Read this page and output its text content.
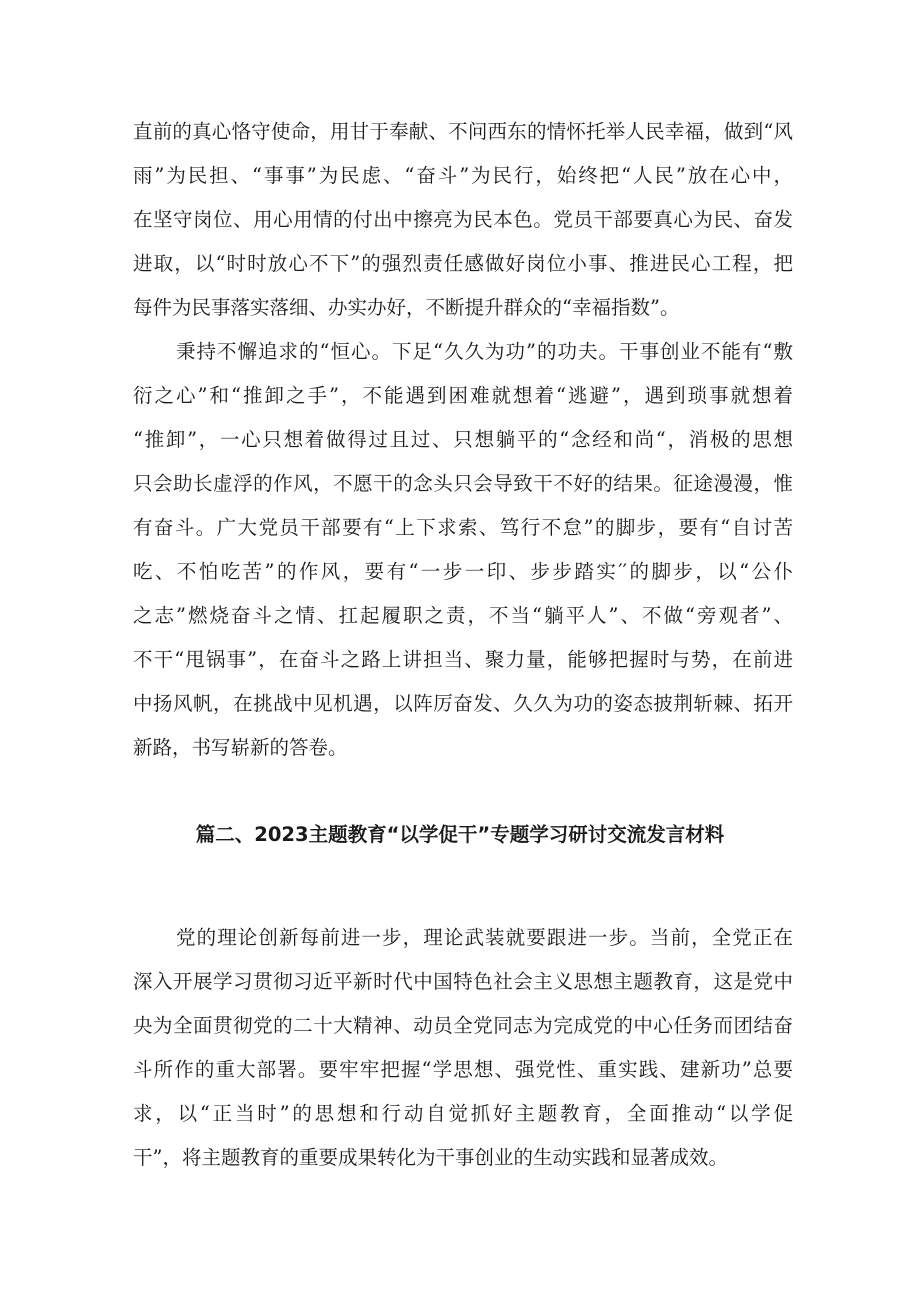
直前的真心恪守使命，用甘于奉献、不问西东的情怀托举人民幸福，做到“风
雨”为民担、“事事”为民虑、“奋斗”为民行，始终把“人民”放在心中，
在坚守岗位、用心用情的付出中擦亮为民本色。党员干部要真心为民、奋发
进取，以“时时放心不下”的强烈责任感做好岗位小事、推进民心工程，把
每件为民事落实落细、办实办好，不断提升群众的“幸福指数”。
秉持不懈追求的“恒心。下足“久久为功”的功夫。干事创业不能有“敷
衍之心”和“推卸之手”，不能遇到困难就想着“逃避”，遇到琐事就想着
“推卸”，一心只想着做得过且过、只想躺平的“念经和尚“，消极的思想
只会助长虚浮的作风，不愿干的念头只会导致干不好的结果。征途漫漫，惟
有奋斗。广大党员干部要有“上下求索、笃行不怠”的脚步，要有“自讨苦
吃、不怕吃苦”的作风，要有“一步一印、步步踏实′′的脚步，以“公仆
之志”燃烧奋斗之情、扛起履职之责，不当“躺平人”、不做“旁观者”、
不干“甩锅事”，在奋斗之路上讲担当、聚力量，能够把握时与势，在前进
中扬风帆，在挑战中见机遇，以阵厉奋发、久久为功的姿态披荆斩棘、拓开
新路，书写崭新的答卷。
篇二、2023主题教育“以学促干”专题学习研讨交流发言材料
党的理论创新每前进一步，理论武装就要跟进一步。当前，全党正在
深入开展学习贯彻习近平新时代中国特色社会主义思想主题教育，这是党中
央为全面贯彻党的二十大精神、动员全党同志为完成党的中心任务而团结奋
斗所作的重大部署。要牢牢把握“学思想、强党性、重实践、建新功”总要
求，以“正当时”的思想和行动自觉抓好主题教育，全面推动“以学促
干”，将主题教育的重要成果转化为干事创业的生动实践和显著成效。
